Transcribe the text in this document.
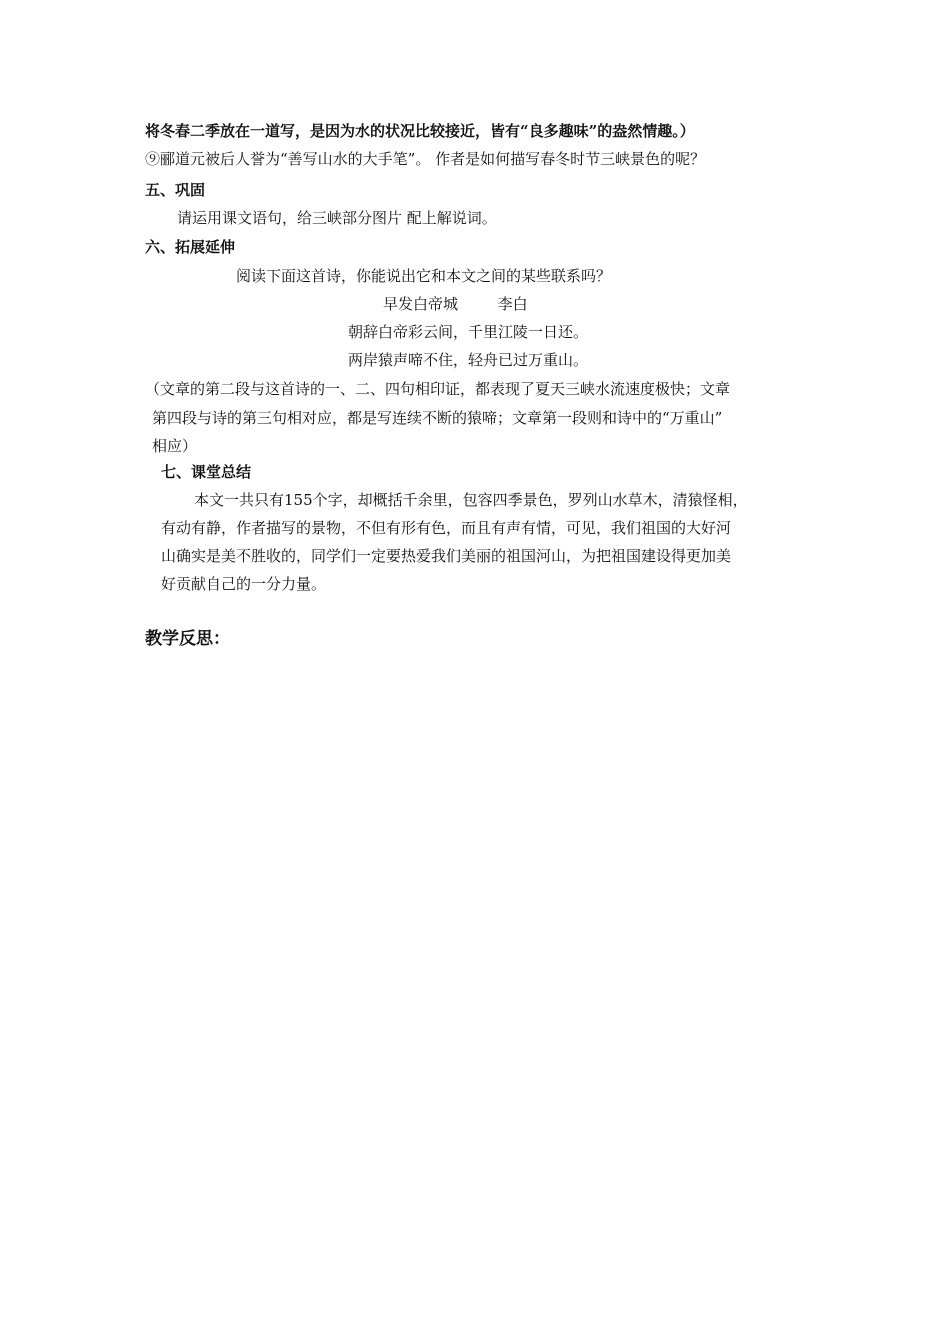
将冬春二季放在一道写，是因为水的状况比较接近，皆有“良多趣味”的盎然情趣。）
⑨郦道元被后人誉为“善写山水的大手笔”。 作者是如何描写春冬时节三峡景色的呢？
五、巩固
请运用课文语句，给三峡部分图片 配上解说词。
六、拓展延伸
阅读下面这首诗，你能说出它和本文之间的某些联系吗？
早发白帝城	李白
朝辞白帝彩云间，千里江陵一日还。
两岸猿声啼不住，轻舟已过万重山。
（文章的第二段与这首诗的一、二、四句相印证，都表现了夏天三峡水流速度极快；文章
第四段与诗的第三句相对应，都是写连续不断的猿啼；文章第一段则和诗中的“万重山”
相应）
七、课堂总结
本文一共只有155个字，却概括千余里，包容四季景色，罗列山水草木，清猿怪相，
有动有静，作者描写的景物，不但有形有色，而且有声有情，可见，我们祖国的大好河
山确实是美不胜收的，同学们一定要热爱我们美丽的祖国河山，为把祖国建设得更加美
好贡献自己的一分力量。
教学反思：
